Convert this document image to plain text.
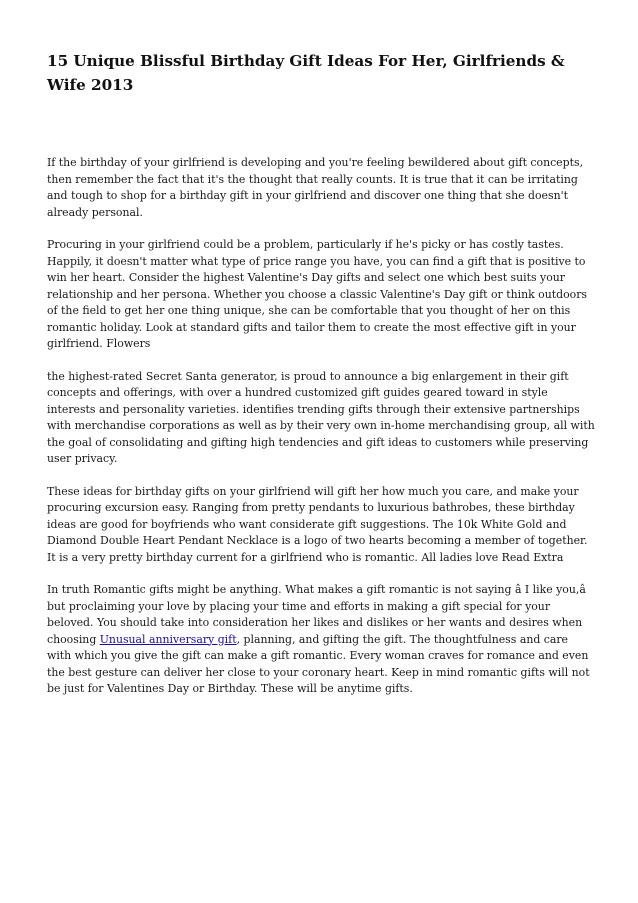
15 Unique Blissful Birthday Gift Ideas For Her, Girlfriends & Wife 2013

If the birthday of your girlfriend is developing and you're feeling bewildered about gift concepts, then remember the fact that it's the thought that really counts. It is true that it can be irritating and tough to shop for a birthday gift in your girlfriend and discover one thing that she doesn't already personal.

Procuring in your girlfriend could be a problem, particularly if he's picky or has costly tastes. Happily, it doesn't matter what type of price range you have, you can find a gift that is positive to win her heart. Consider the highest Valentine's Day gifts and select one which best suits your relationship and her persona. Whether you choose a classic Valentine's Day gift or think outdoors of the field to get her one thing unique, she can be comfortable that you thought of her on this romantic holiday. Look at standard gifts and tailor them to create the most effective gift in your girlfriend. Flowers

the highest-rated Secret Santa generator, is proud to announce a big enlargement in their gift concepts and offerings, with over a hundred customized gift guides geared toward in style interests and personality varieties. identifies trending gifts through their extensive partnerships with merchandise corporations as well as by their very own in-home merchandising group, all with the goal of consolidating and gifting high tendencies and gift ideas to customers while preserving user privacy.

These ideas for birthday gifts on your girlfriend will gift her how much you care, and make your procuring excursion easy. Ranging from pretty pendants to luxurious bathrobes, these birthday ideas are good for boyfriends who want considerate gift suggestions. The 10k White Gold and Diamond Double Heart Pendant Necklace is a logo of two hearts becoming a member of together. It is a very pretty birthday current for a girlfriend who is romantic. All ladies love Read Extra

In truth Romantic gifts might be anything. What makes a gift romantic is not saying â I like you,â but proclaiming your love by placing your time and efforts in making a gift special for your beloved. You should take into consideration her likes and dislikes or her wants and desires when choosing Unusual anniversary gift, planning, and gifting the gift. The thoughtfulness and care with which you give the gift can make a gift romantic. Every woman craves for romance and even the best gesture can deliver her close to your coronary heart. Keep in mind romantic gifts will not be just for Valentines Day or Birthday. These will be anytime gifts.
